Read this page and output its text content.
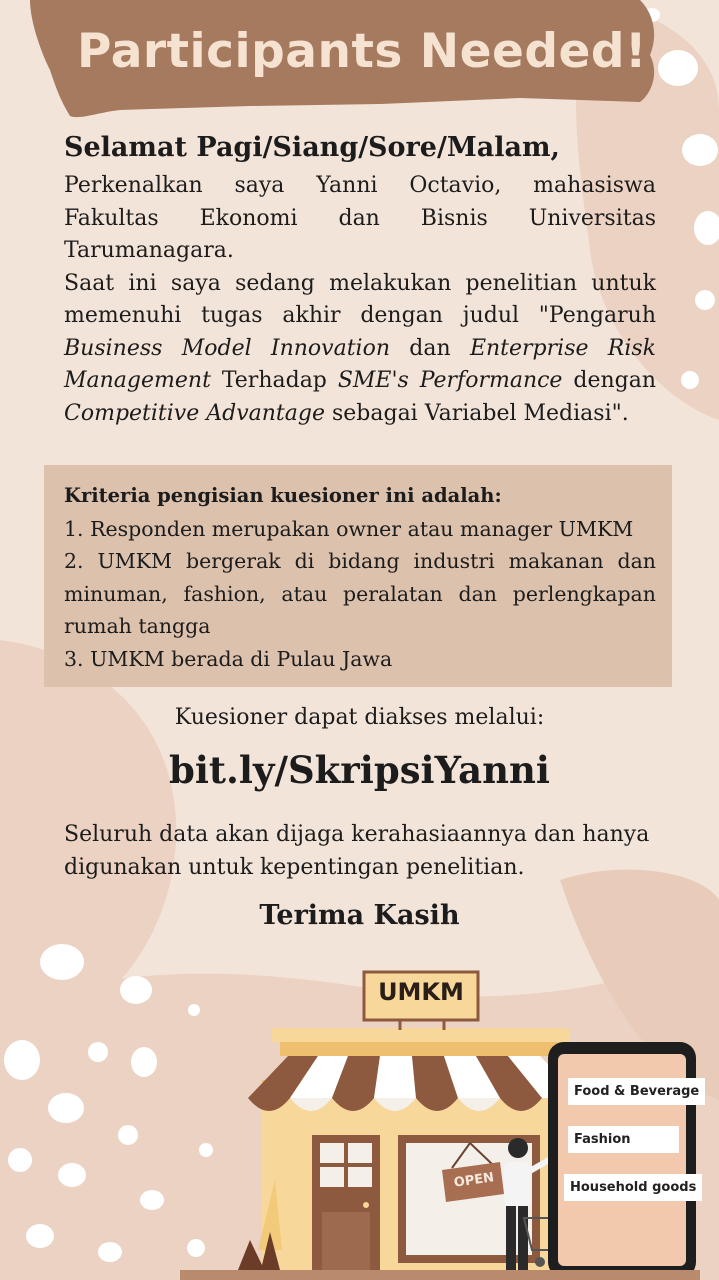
Participants Needed!
Selamat Pagi/Siang/Sore/Malam,

Perkenalkan saya Yanni Octavio, mahasiswa Fakultas Ekonomi dan Bisnis Universitas Tarumanagara.

Saat ini saya sedang melakukan penelitian untuk memenuhi tugas akhir dengan judul "Pengaruh Business Model Innovation dan Enterprise Risk Management Terhadap SME's Performance dengan Competitive Advantage sebagai Variabel Mediasi".

Kriteria pengisian kuesioner ini adalah:
1. Responden merupakan owner atau manager UMKM
2. UMKM bergerak di bidang industri makanan dan minuman, fashion, atau peralatan dan perlengkapan rumah tangga
3. UMKM berada di Pulau Jawa
Kuesioner dapat diakses melalui:
bit.ly/SkripsiYanni
Seluruh data akan dijaga kerahasiaannya dan hanya digunakan untuk kepentingan penelitian.
Terima Kasih
UMKM
OPEN
Food & Beverage
Fashion
Household goods
